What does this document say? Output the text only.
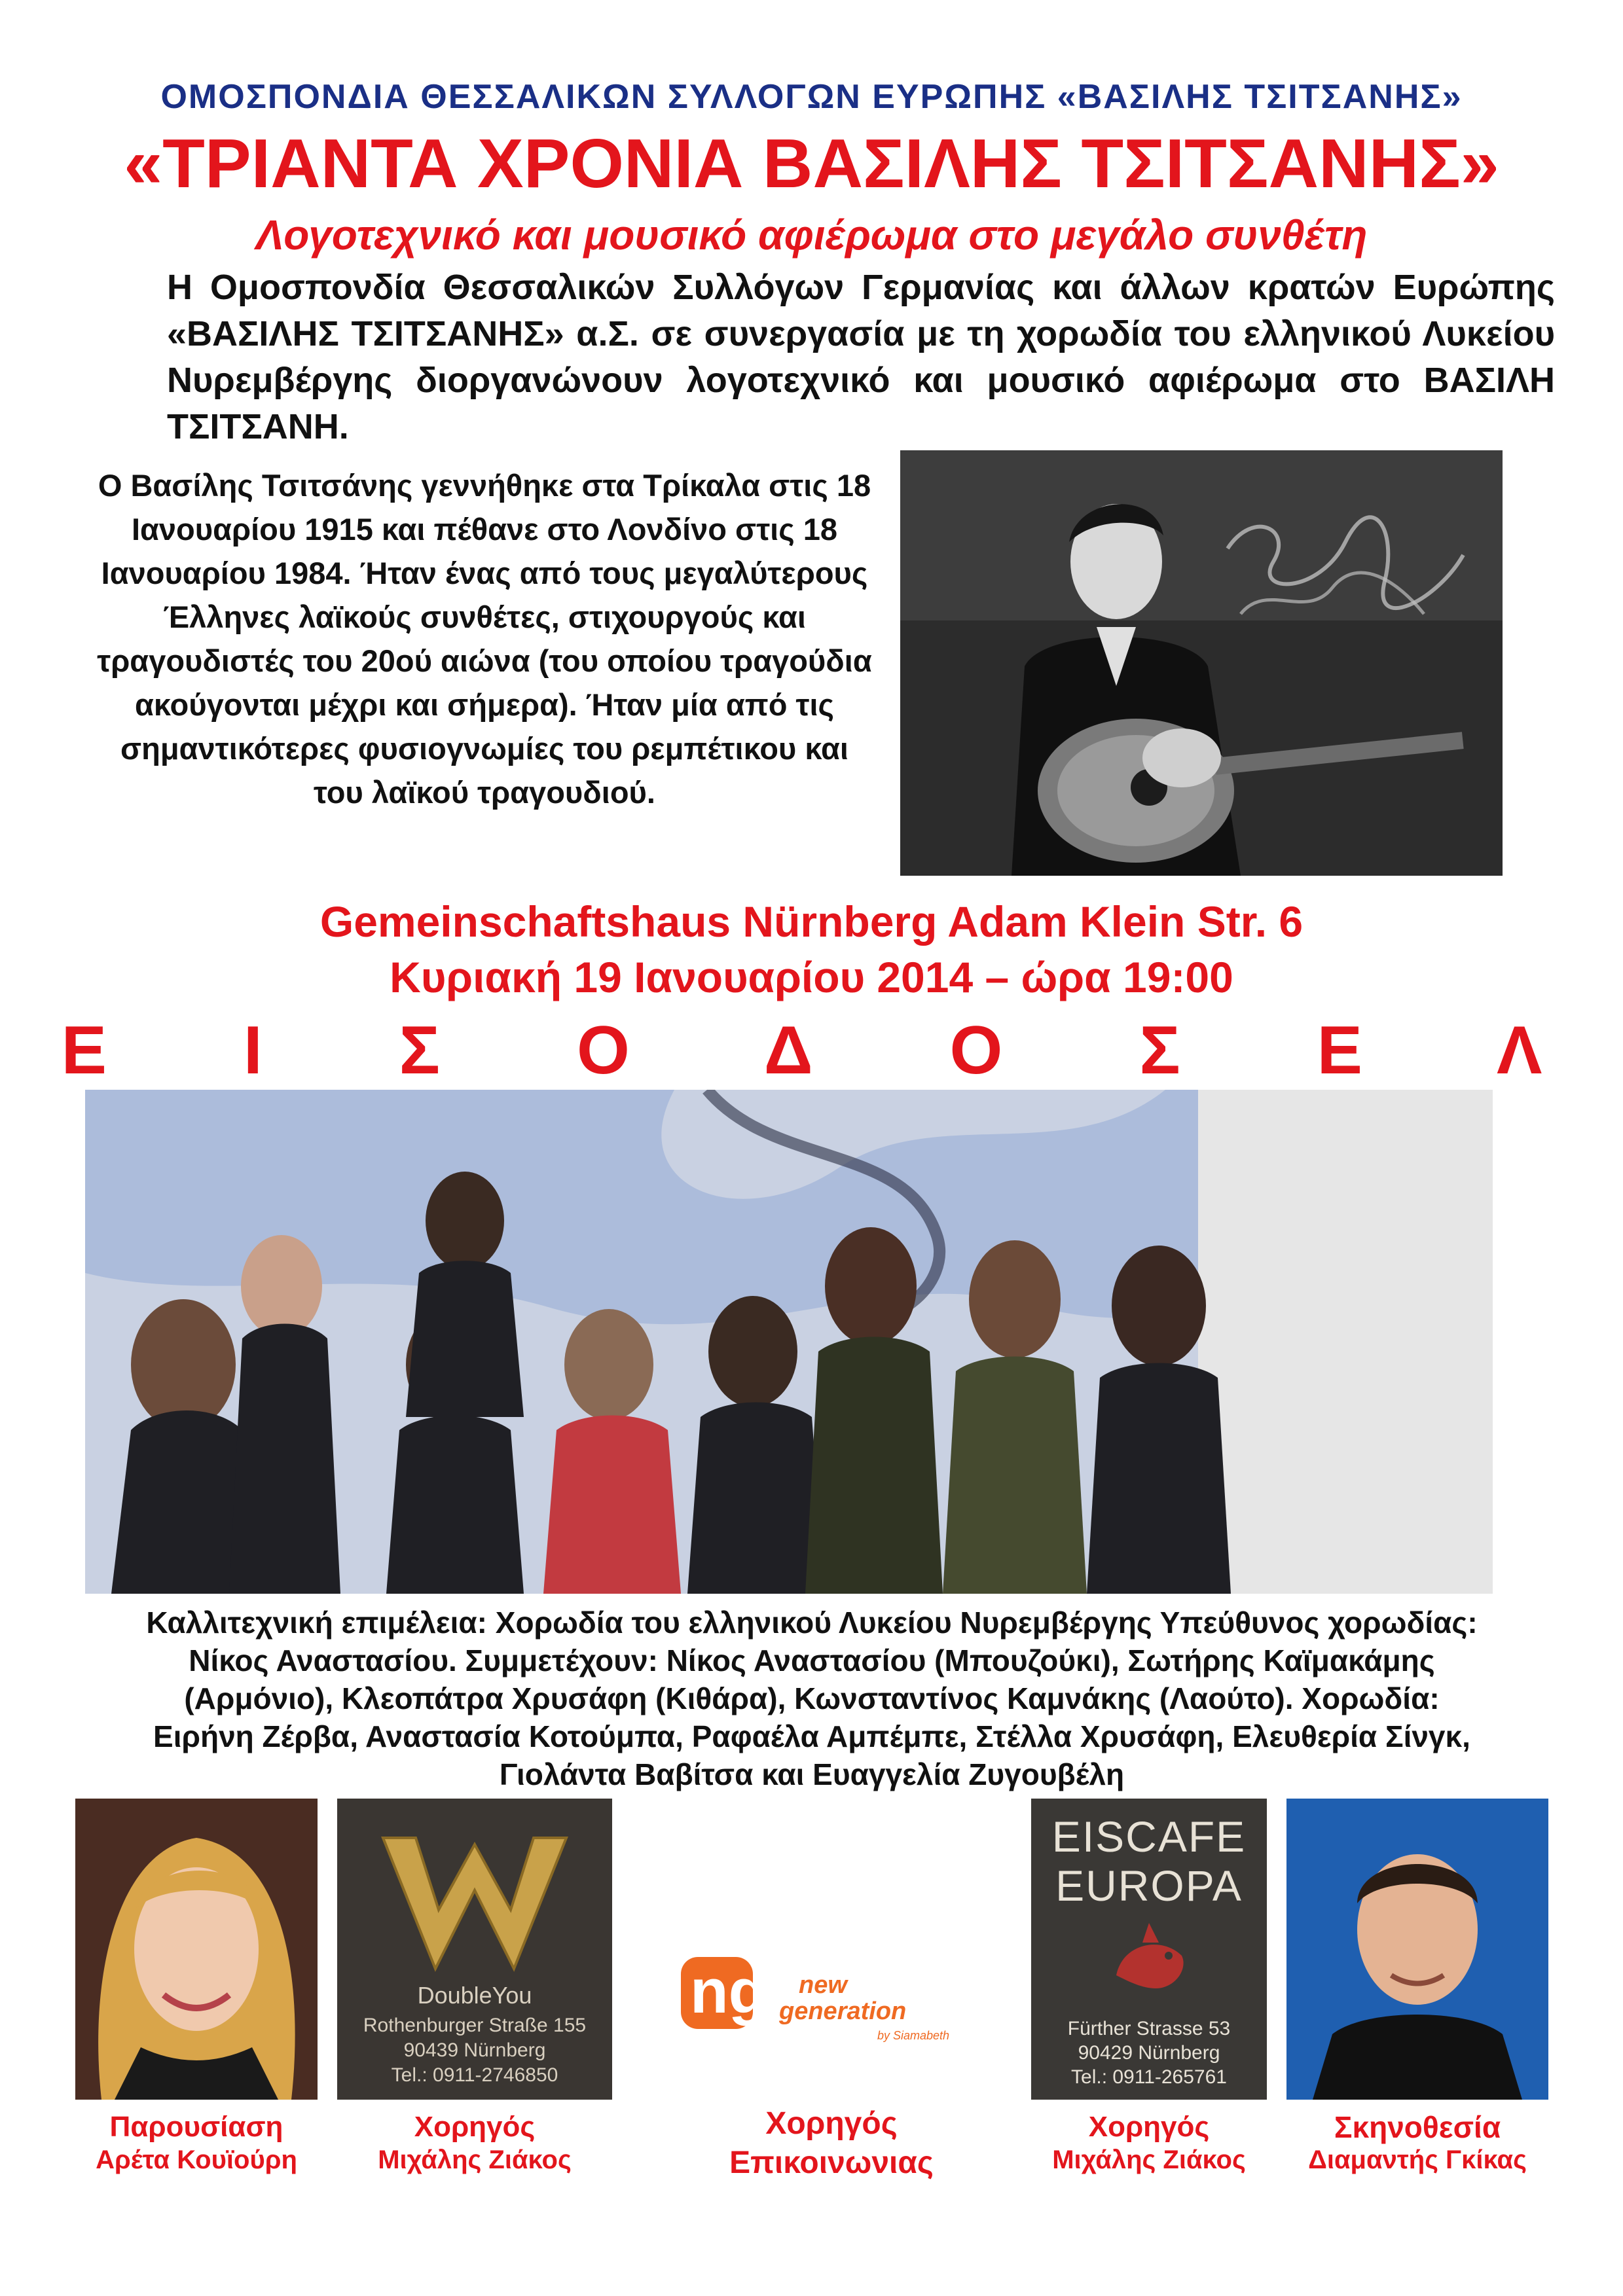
ΟΜΟΣΠΟΝΔΙΑ ΘΕΣΣΑΛΙΚΩΝ ΣΥΛΛΟΓΩΝ ΕΥΡΩΠΗΣ «ΒΑΣΙΛΗΣ ΤΣΙΤΣΑΝΗΣ»
«ΤΡΙΑΝΤΑ ΧΡΟΝΙΑ ΒΑΣΙΛΗΣ ΤΣΙΤΣΑΝΗΣ»
Λογοτεχνικό και μουσικό αφιέρωμα στο μεγάλο συνθέτη
Η Ομοσπονδία Θεσσαλικών Συλλόγων Γερμανίας και άλλων κρατών Ευρώπης «ΒΑΣΙΛΗΣ ΤΣΙΤΣΑΝΗΣ» α.Σ. σε συνεργασία με τη χορωδία του ελληνικού Λυκείου Νυρεμβέργης διοργανώνουν λογοτεχνικό και μουσικό αφιέρωμα στο ΒΑΣΙΛΗ ΤΣΙΤΣΑΝΗ.
Ο Βασίλης Τσιτσάνης γεννήθηκε στα Τρίκαλα στις 18 Ιανουαρίου 1915 και πέθανε στο Λονδίνο στις 18 Ιανουαρίου 1984. Ήταν ένας από τους μεγαλύτερους Έλληνες λαϊκούς συνθέτες, στιχουργούς και τραγουδιστές του 20ού αιώνα (του οποίου τραγούδια ακούγονται μέχρι και σήμερα). Ήταν μία από τις σημαντικότερες φυσιογνωμίες του ρεμπέτικου και του λαϊκού τραγουδιού.
Gemeinschaftshaus Nürnberg Adam Klein Str. 6
Κυριακή 19 Ιανουαρίου 2014 – ώρα 19:00
Ε Ι Σ Ο Δ Ο Σ Ε Λ
Καλλιτεχνική επιμέλεια: Χορωδία του ελληνικού Λυκείου Νυρεμβέργης Υπεύθυνος χορωδίας: Νίκος Αναστασίου. Συμμετέχουν: Νίκος Αναστασίου (Μπουζούκι), Σωτήρης Καϊμακάμης (Αρμόνιο), Κλεοπάτρα Χρυσάφη (Κιθάρα), Κωνσταντίνος Καμνάκης (Λαούτο). Χορωδία: Ειρήνη Ζέρβα, Αναστασία Κοτούμπα, Ραφαέλα Αμπέμπε, Στέλλα Χρυσάφη, Ελευθερία Σίνγκ, Γιολάντα Βαβίτσα και Ευαγγελία Ζυγουβέλη
DoubleYou
Rothenburger Straße 155
90439 Nürnberg
Tel.: 0911-2746850
ng new
generation
by Siamabeth
EISCAFE
EUROPA
Fürther Strasse 53
90429 Nürnberg
Tel.: 0911-265761
Παρουσίαση
Αρέτα Κουϊούρη
Χορηγός
Μιχάλης Ζιάκος
Χορηγός
Επικοινωνιας
Χορηγός
Μιχάλης Ζιάκος
Σκηνοθεσία
Διαμαντής Γκίκας
